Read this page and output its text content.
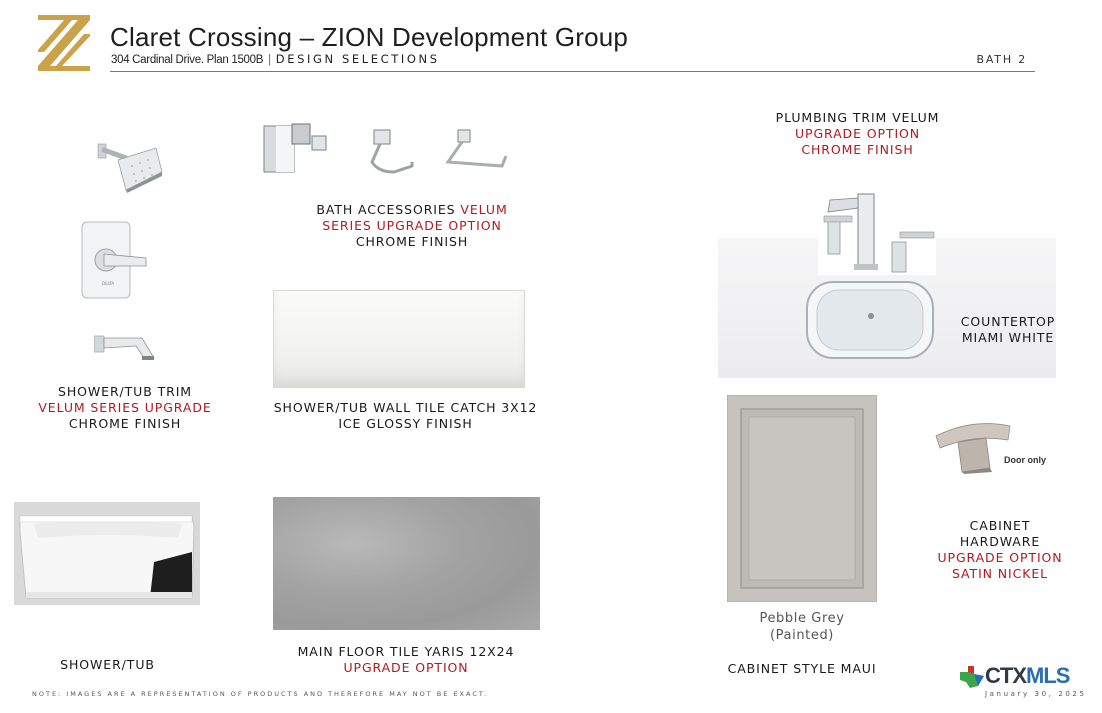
Claret Crossing – ZION Development Group
304 Cardinal Drive. Plan 1500B | DESIGN SELECTIONS	BATH 2
DELTA
BATH ACCESSORIES VELUM
SERIES UPGRADE OPTION
CHROME FINISH
PLUMBING TRIM VELUM
UPGRADE OPTION
CHROME FINISH
COUNTERTOP
MIAMI WHITE
SHOWER/TUB TRIM
VELUM SERIES UPGRADE
CHROME FINISH
SHOWER/TUB WALL TILE CATCH 3X12
ICE GLOSSY FINISH
Pebble Grey
(Painted)
Door only
CABINET
HARDWARE
UPGRADE OPTION
SATIN NICKEL
SHOWER/TUB
MAIN FLOOR TILE YARIS 12X24
UPGRADE OPTION	CABINET STYLE MAUI
NOTE: IMAGES ARE A REPRESENTATION OF PRODUCTS AND THEREFORE MAY NOT BE EXACT.
CTXMLS
January 30, 2025
